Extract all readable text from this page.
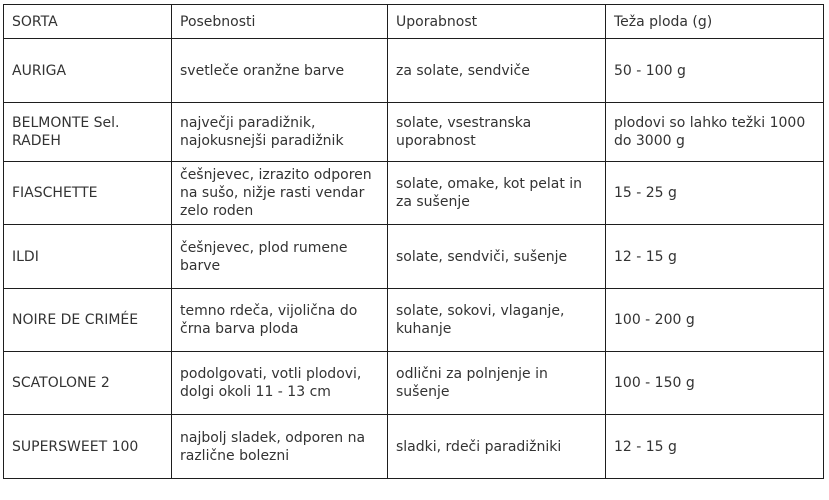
SORTA	Posebnosti	Uporabnost	Teža ploda (g)
AURIGA	svetleče oranžne barve	za solate, sendviče	50 - 100 g
BELMONTE Sel. RADEH	največji paradižnik, najokusnejši paradižnik	solate, vsestranska uporabnost	plodovi so lahko težki 1000 do 3000 g
FIASCHETTE	češnjevec, izrazito odporen na sušo, nižje rasti vendar zelo roden	solate, omake, kot pelat in za sušenje	15 - 25 g
ILDI	češnjevec, plod rumene barve	solate, sendviči, sušenje	12 - 15 g
NOIRE DE CRIMÉE	temno rdeča, vijolična do črna barva ploda	solate, sokovi, vlaganje, kuhanje	100 - 200 g
SCATOLONE 2	podolgovati, votli plodovi, dolgi okoli 11 - 13 cm	odlični za polnjenje in sušenje	100 - 150 g
SUPERSWEET 100	najbolj sladek, odporen na različne bolezni	sladki, rdeči paradižniki	12 - 15 g
